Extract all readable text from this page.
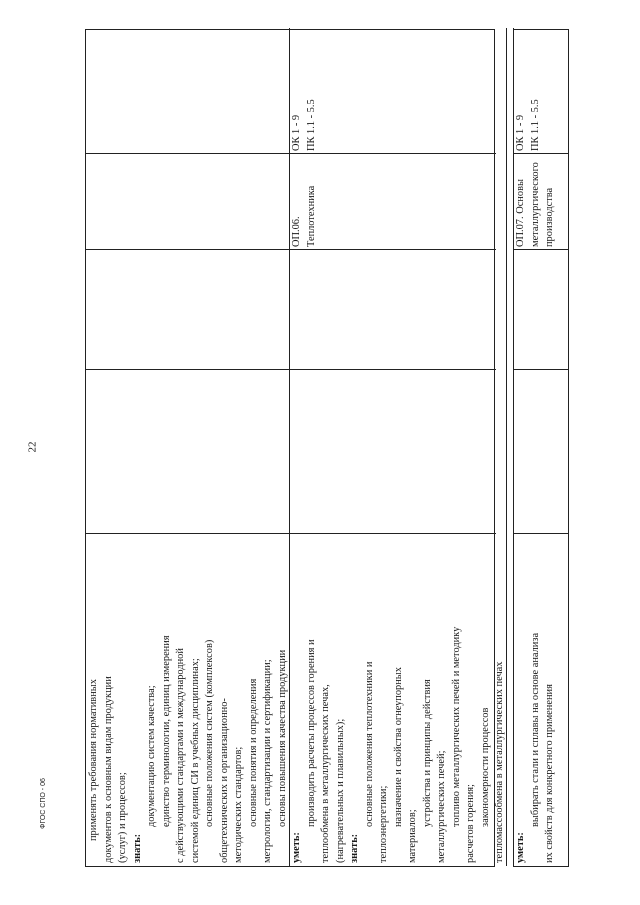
22
ФГОС СПО - 06	применять требования нормативных документов к основным видам продукции (услуг) и процессов; знать:

документацию систем качества; единство терминологии, единиц измерения с действующими стандартами и международной системой единиц СИ в учебных дисциплинах; основные положения систем (комплексов) общетехнических и организационно- методических стандартов; основные понятия и определения метрологии, стандартизации и сертификации; основы повышения качества продукции

уметь:

производить расчеты процессов горения и теплообмена в металлургических печах, (нагревательных и плавильных); знать:

основные положения теплотехники и теплоэнергетики; назначение и свойства огнеупорных

материалов;

устройства и принципы действия металлургических печей; топливо металлургических печей и методику расчетов горения; закономерности процессов тепломассообмена в металлургических печах

ОП.06. Теплотехника

ОК 1 - 9 ПК 1.1 - 5.5

уметь:

выбирать стали и сплавы на основе анализа их свойств для конкретного применения

ОП.07. Основы металлургического производства

ОК 1 - 9 ПК 1.1 - 5.5
